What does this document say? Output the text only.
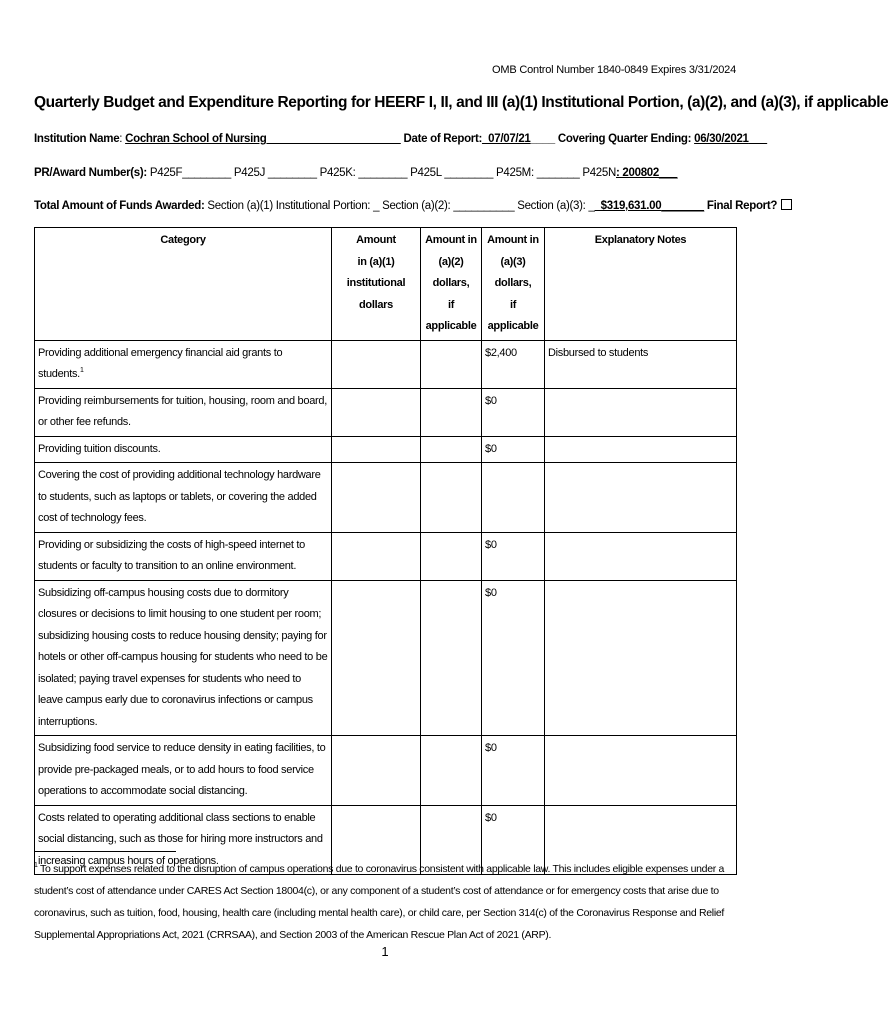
OMB Control Number 1840-0849 Expires 3/31/2024
Quarterly Budget and Expenditure Reporting for HEERF I, II, and III (a)(1) Institutional Portion, (a)(2), and (a)(3), if applicable
Institution Name: Cochran School of Nursing______________________ Date of Report:_07/07/21____ Covering Quarter Ending: 06/30/2021___
PR/Award Number(s): P425F________ P425J ________ P425K: ________ P425L ________ P425M: _______ P425N: 200802___
Total Amount of Funds Awarded: Section (a)(1) Institutional Portion: _ Section (a)(2): __________ Section (a)(3): __$319,631.00_______ Final Report?
Category	Amount
in (a)(1)
institutional dollars	Amount in
(a)(2) dollars,
if applicable	Amount in
(a)(3) dollars,
if applicable	Explanatory Notes
Providing additional emergency financial aid grants to students.$^1$			$2,400	Disbursed to students
Providing reimbursements for tuition, housing, room and board, or other fee refunds.			$0	
Providing tuition discounts.			$0	
Covering the cost of providing additional technology hardware to students, such as laptops or tablets, or covering the added cost of technology fees.				
Providing or subsidizing the costs of high-speed internet to students or faculty to transition to an online environment.			$0	
Subsidizing off-campus housing costs due to dormitory closures or decisions to limit housing to one student per room; subsidizing housing costs to reduce housing density; paying for hotels or other off-campus housing for students who need to be isolated; paying travel expenses for students who need to leave campus early due to coronavirus infections or campus interruptions.			$0	
Subsidizing food service to reduce density in eating facilities, to provide pre-packaged meals, or to add hours to food service operations to accommodate social distancing.			$0	
Costs related to operating additional class sections to enable social distancing, such as those for hiring more instructors and increasing campus hours of operations.			$0	
$^1$ To support expenses related to the disruption of campus operations due to coronavirus consistent with applicable law. This includes eligible expenses under a student’s cost of attendance under CARES Act Section 18004(c), or any component of a student’s cost of attendance or for emergency costs that arise due to coronavirus, such as tuition, food, housing, health care (including mental health care), or child care, per Section 314(c) of the Coronavirus Response and Relief Supplemental Appropriations Act, 2021 (CRRSAA), and Section 2003 of the American Rescue Plan Act of 2021 (ARP).
1
